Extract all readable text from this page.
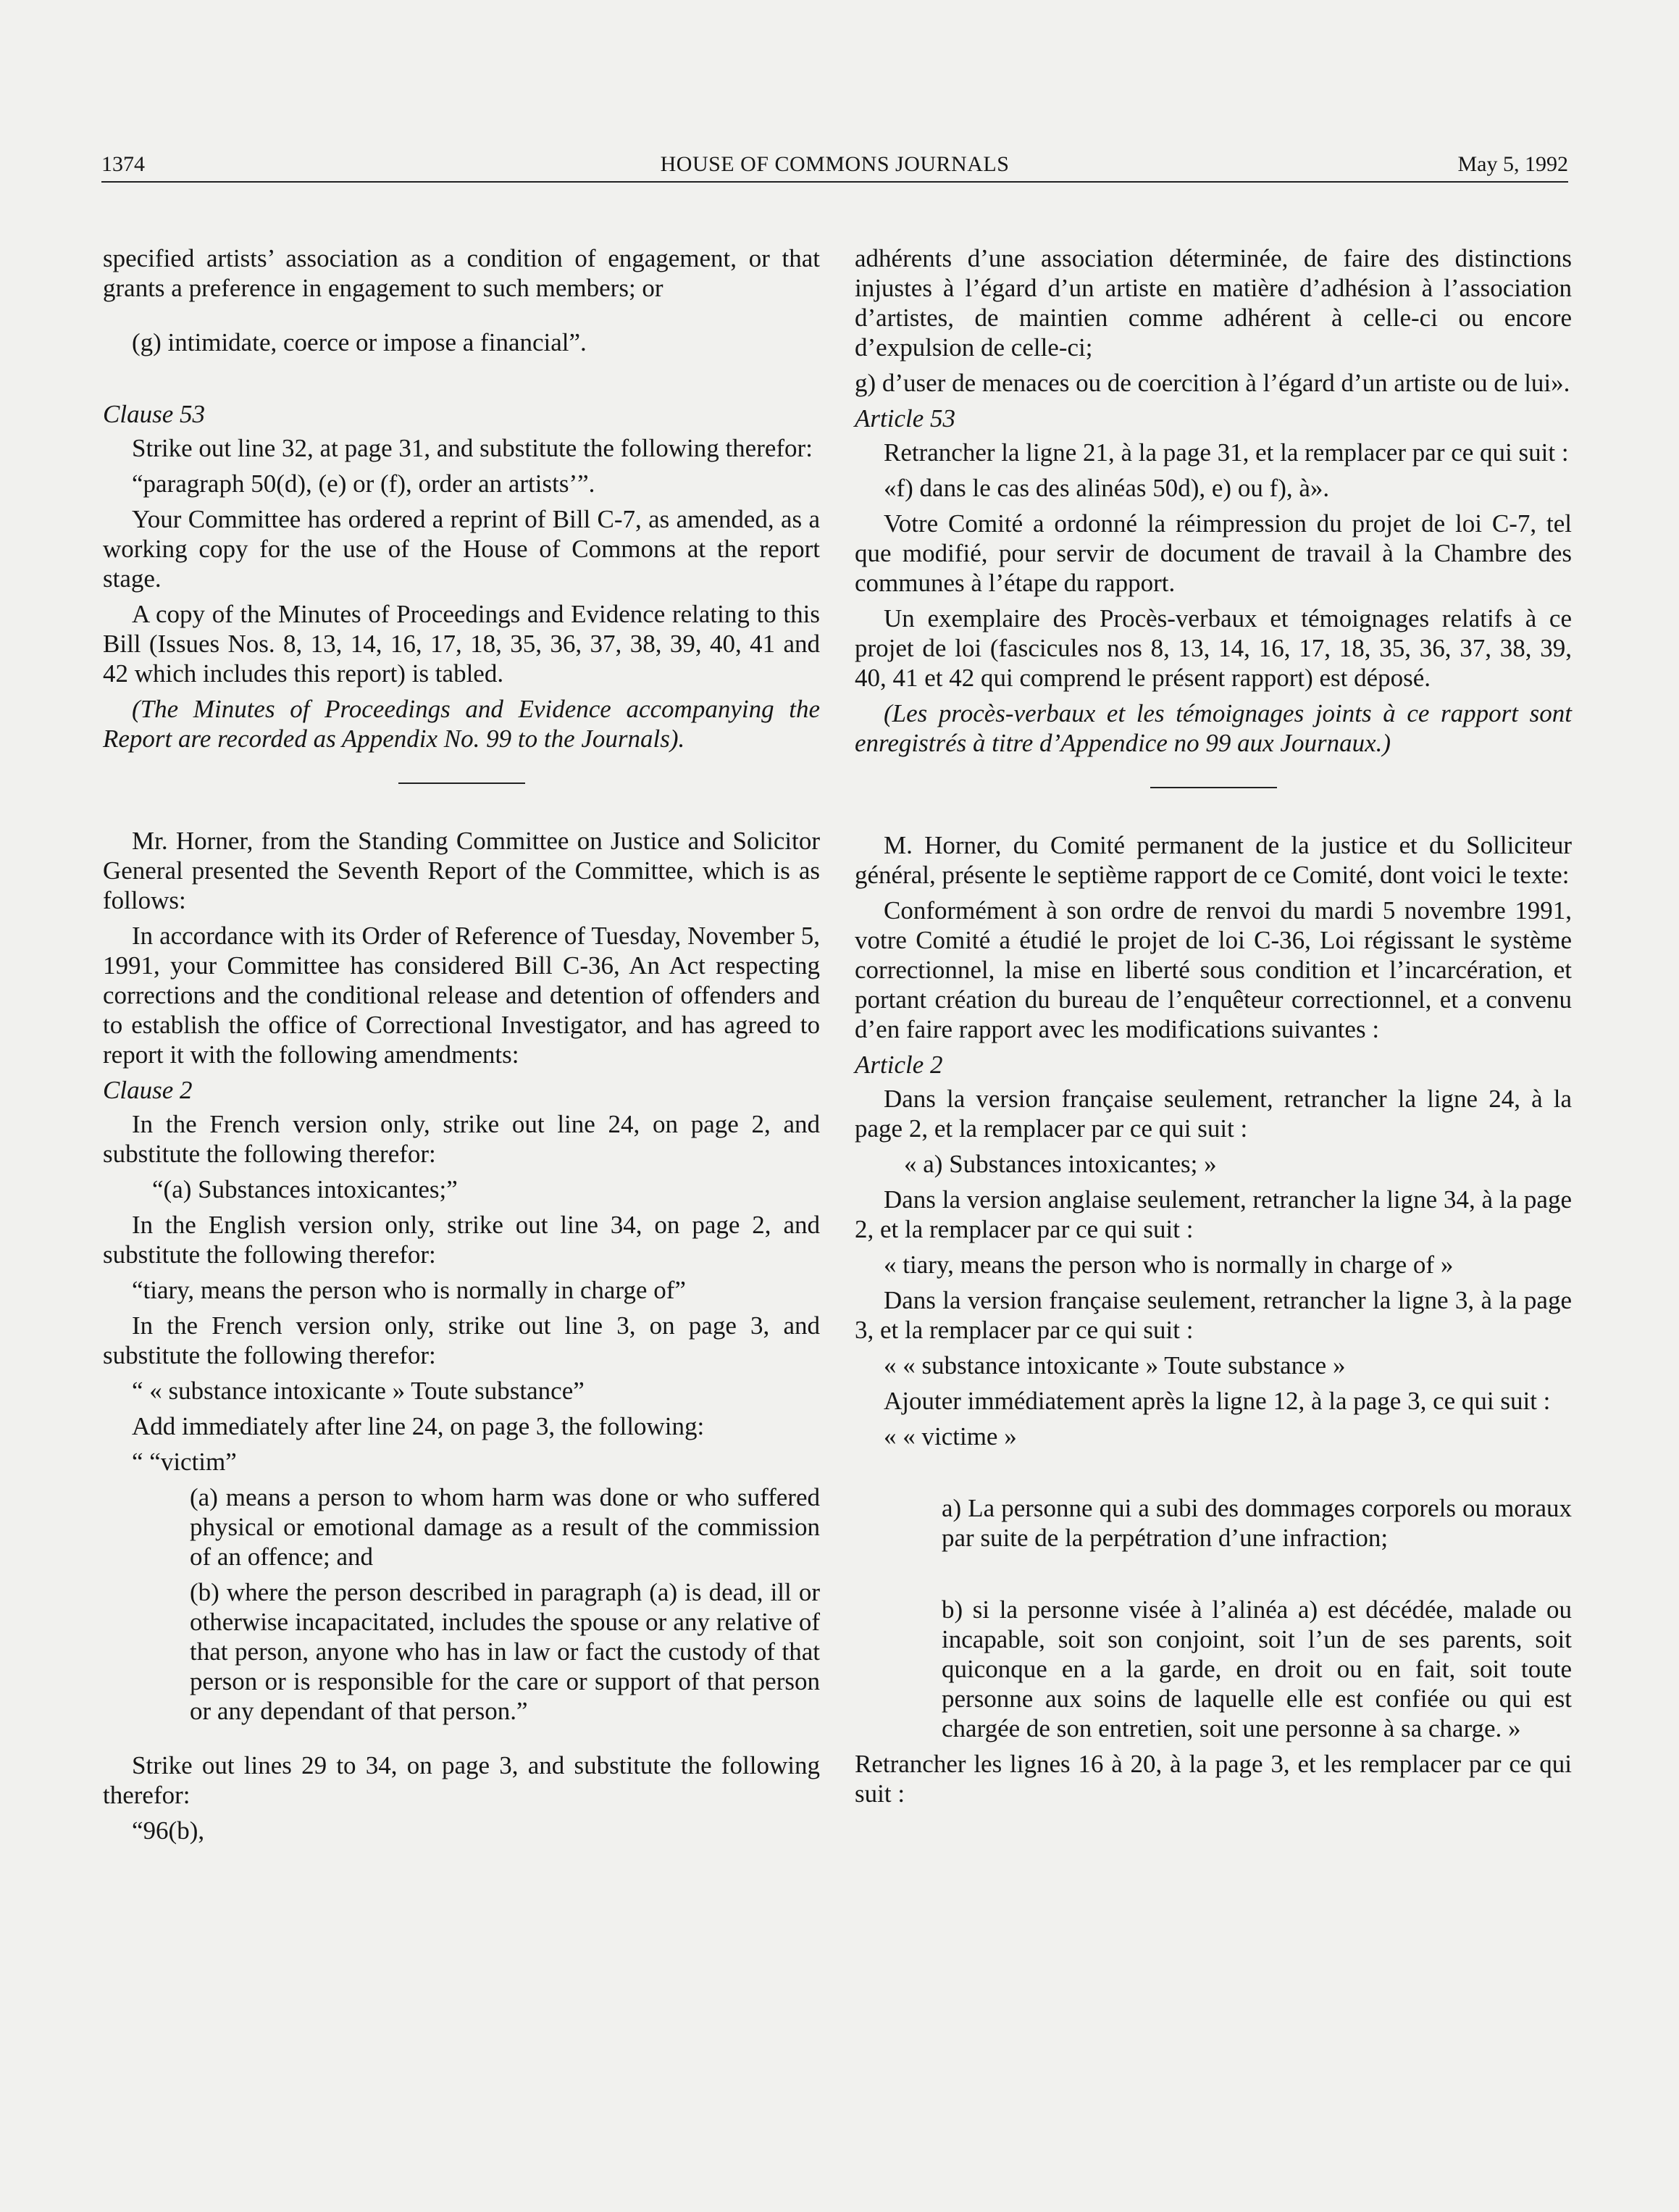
1374	HOUSE OF COMMONS JOURNALS	May 5, 1992

specified artists’ association as a condition of engagement, or that grants a preference in engagement to such members; or

(g) intimidate, coerce or impose a financial”.

Clause 53

Strike out line 32, at page 31, and substitute the following therefor:

“paragraph 50(d), (e) or (f), order an artists’”.

Your Committee has ordered a reprint of Bill C-7, as amended, as a working copy for the use of the House of Commons at the report stage.

A copy of the Minutes of Proceedings and Evidence relating to this Bill (Issues Nos. 8, 13, 14, 16, 17, 18, 35, 36, 37, 38, 39, 40, 41 and 42 which includes this report) is tabled.

(The Minutes of Proceedings and Evidence accompanying the Report are recorded as Appendix No. 99 to the Journals).

Mr. Horner, from the Standing Committee on Justice and Solicitor General presented the Seventh Report of the Committee, which is as follows:

In accordance with its Order of Reference of Tuesday, November 5, 1991, your Committee has considered Bill C-36, An Act respecting corrections and the conditional release and detention of offenders and to establish the office of Correctional Investigator, and has agreed to report it with the following amendments:

Clause 2

In the French version only, strike out line 24, on page 2, and substitute the following therefor:

“(a) Substances intoxicantes;”

In the English version only, strike out line 34, on page 2, and substitute the following therefor:

“tiary, means the person who is normally in charge of”

In the French version only, strike out line 3, on page 3, and substitute the following therefor:

“ « substance intoxicante » Toute substance”

Add immediately after line 24, on page 3, the following:

“ “victim”

(a) means a person to whom harm was done or who suffered physical or emotional damage as a result of the commission of an offence; and

(b) where the person described in paragraph (a) is dead, ill or otherwise incapacitated, includes the spouse or any relative of that person, anyone who has in law or fact the custody of that person or is responsible for the care or support of that person or any dependant of that person.”

Strike out lines 29 to 34, on page 3, and substitute the following therefor:

“96(b),

adhérents d’une association déterminée, de faire des distinctions injustes à l’égard d’un artiste en matière d’adhésion à l’association d’artistes, de maintien comme adhérent à celle-ci ou encore d’expulsion de celle-ci;

g) d’user de menaces ou de coercition à l’égard d’un artiste ou de lui».

Article 53

Retrancher la ligne 21, à la page 31, et la remplacer par ce qui suit :

«f) dans le cas des alinéas 50d), e) ou f), à».

Votre Comité a ordonné la réimpression du projet de loi C-7, tel que modifié, pour servir de document de travail à la Chambre des communes à l’étape du rapport.

Un exemplaire des Procès-verbaux et témoignages relatifs à ce projet de loi (fascicules nos 8, 13, 14, 16, 17, 18, 35, 36, 37, 38, 39, 40, 41 et 42 qui comprend le présent rapport) est déposé.

(Les procès-verbaux et les témoignages joints à ce rapport sont enregistrés à titre d’Appendice no 99 aux Journaux.)

M. Horner, du Comité permanent de la justice et du Solliciteur général, présente le septième rapport de ce Comité, dont voici le texte:

Conformément à son ordre de renvoi du mardi 5 novembre 1991, votre Comité a étudié le projet de loi C-36, Loi régissant le système correctionnel, la mise en liberté sous condition et l’incarcération, et portant création du bureau de l’enquêteur correctionnel, et a convenu d’en faire rapport avec les modifications suivantes :

Article 2

Dans la version française seulement, retrancher la ligne 24, à la page 2, et la remplacer par ce qui suit :

« a) Substances intoxicantes; »

Dans la version anglaise seulement, retrancher la ligne 34, à la page 2, et la remplacer par ce qui suit :

« tiary, means the person who is normally in charge of »

Dans la version française seulement, retrancher la ligne 3, à la page 3, et la remplacer par ce qui suit :

« « substance intoxicante » Toute substance »

Ajouter immédiatement après la ligne 12, à la page 3, ce qui suit :

« « victime »

a) La personne qui a subi des dommages corporels ou moraux par suite de la perpétration d’une infraction;

b) si la personne visée à l’alinéa a) est décédée, malade ou incapable, soit son conjoint, soit l’un de ses parents, soit quiconque en a la garde, en droit ou en fait, soit toute personne aux soins de laquelle elle est confiée ou qui est chargée de son entretien, soit une personne à sa charge. »

Retrancher les lignes 16 à 20, à la page 3, et les remplacer par ce qui suit :
